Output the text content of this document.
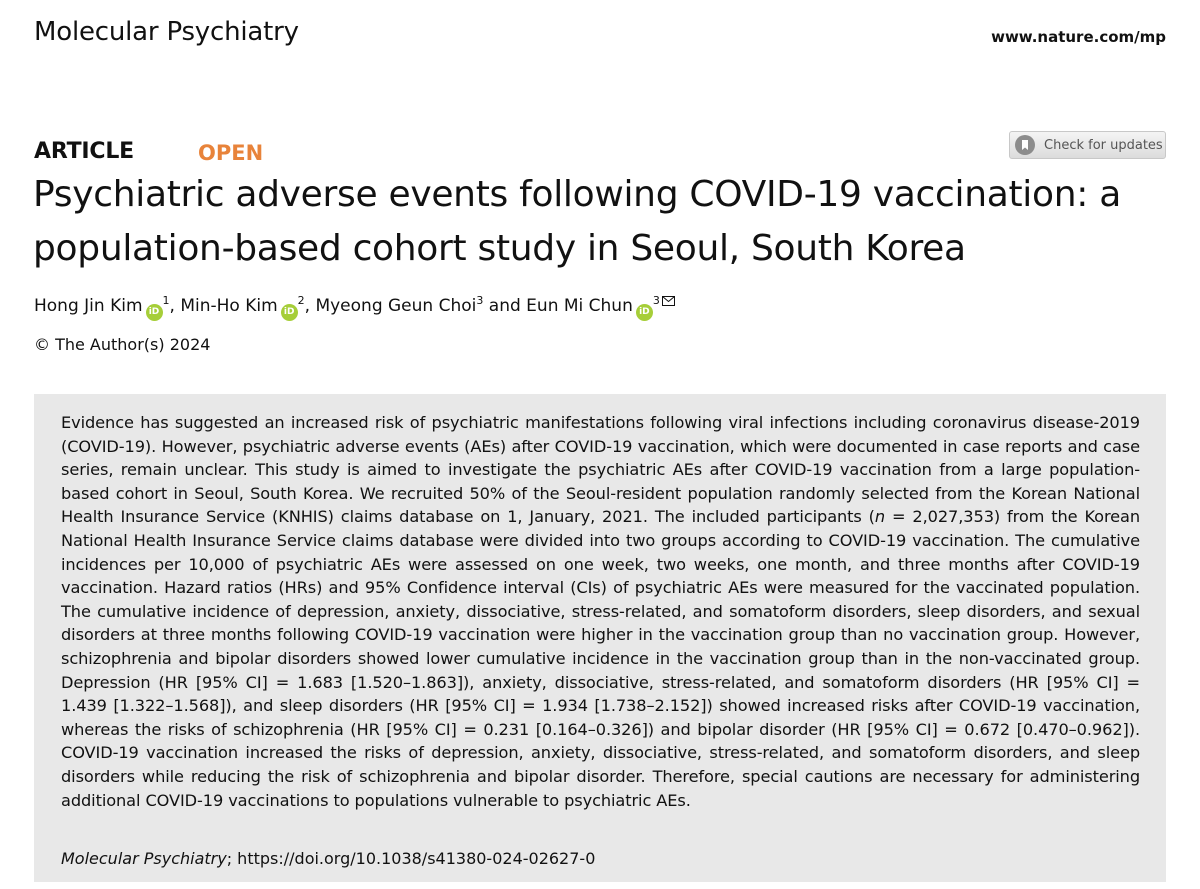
Molecular Psychiatry	www.nature.com/mp
ARTICLE	OPEN	Check for updates
Psychiatric adverse events following COVID-19 vaccination: a population-based cohort study in Seoul, South Korea
Hong Jin Kim $iD^1$, Min-Ho Kim $iD^2$, Myeong Geun Choi$^3$ and Eun Mi Chun $iD^3$
© The Author(s) 2024

Evidence has suggested an increased risk of psychiatric manifestations following viral infections including coronavirus disease-2019 (COVID-19). However, psychiatric adverse events (AEs) after COVID-19 vaccination, which were documented in case reports and case series, remain unclear. This study is aimed to investigate the psychiatric AEs after COVID-19 vaccination from a large population-based cohort in Seoul, South Korea. We recruited 50% of the Seoul-resident population randomly selected from the Korean National Health Insurance Service (KNHIS) claims database on 1, January, 2021. The included participants (n = 2,027,353) from the Korean National Health Insurance Service claims database were divided into two groups according to COVID-19 vaccination. The cumulative incidences per 10,000 of psychiatric AEs were assessed on one week, two weeks, one month, and three months after COVID-19 vaccination. Hazard ratios (HRs) and 95% Confidence interval (CIs) of psychiatric AEs were measured for the vaccinated population. The cumulative incidence of depression, anxiety, dissociative, stress-related, and somatoform disorders, sleep disorders, and sexual disorders at three months following COVID-19 vaccination were higher in the vaccination group than no vaccination group. However, schizophrenia and bipolar disorders showed lower cumulative incidence in the vaccination group than in the non-vaccinated group. Depression (HR [95% CI] = 1.683 [1.520–1.863]), anxiety, dissociative, stress-related, and somatoform disorders (HR [95% CI] = 1.439 [1.322–1.568]), and sleep disorders (HR [95% CI] = 1.934 [1.738–2.152]) showed increased risks after COVID-19 vaccination, whereas the risks of schizophrenia (HR [95% CI] = 0.231 [0.164–0.326]) and bipolar disorder (HR [95% CI] = 0.672 [0.470–0.962]). COVID-19 vaccination increased the risks of depression, anxiety, dissociative, stress-related, and somatoform disorders, and sleep disorders while reducing the risk of schizophrenia and bipolar disorder. Therefore, special cautions are necessary for administering additional COVID-19 vaccinations to populations vulnerable to psychiatric AEs.

Molecular Psychiatry; https://doi.org/10.1038/s41380-024-02627-0
